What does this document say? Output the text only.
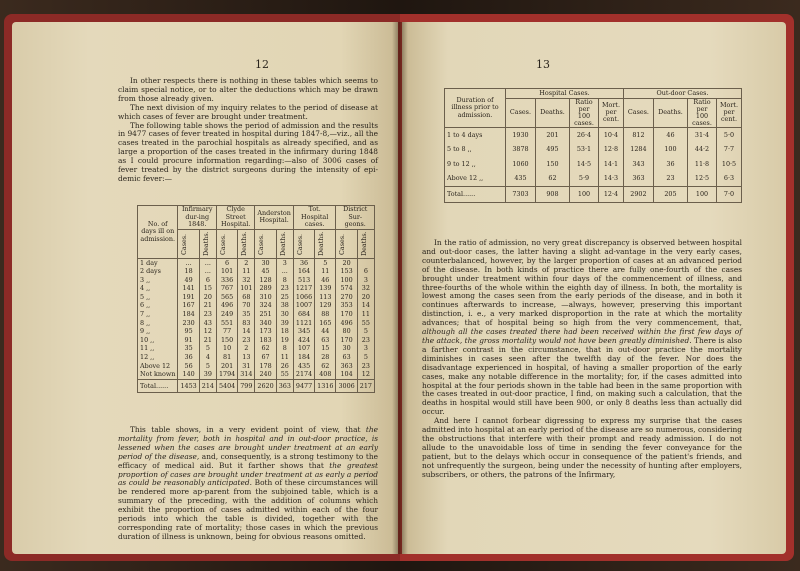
12

In other respects there is nothing in these tables which seems to claim special notice, or to alter the deductions which may be drawn from those already given.
The next division of my inquiry relates to the period of disease at which cases of fever are brought under treatment.
The following table shows the period of admission and the results in 9477 cases of fever treated in hospital during 1847-8,—viz., all the cases treated in the parochial hospitals as already specified, and as large a proportion of the cases treated in the infirmary during 1848 as I could procure information regarding:—also of 3006 cases of fever treated by the district surgeons during the intensity of epi-demic fever:—

No. of days ill on admission.	Infirmary dur-ing 1848.		Clyde Street Hospital.		Anderston Hospital.		Tot. Hospital cases.		District Sur-geons.	

	Cases.	Deaths.	Cases.	Deaths.	Cases.	Deaths.	Cases.	Deaths.	Cases.	Deaths.

1 day	...	...	6	2	30	3	36	5	20	
2 days	18	...	101	11	45	...	164	11	153	6
3 ,,	49	6	336	32	128	8	513	46	100	3
4 ,,	141	15	767	101	289	23	1217	139	574	32
5 ,,	191	20	565	68	310	25	1066	113	270	20
6 ,,	167	21	496	70	324	38	1007	129	353	14
7 ,,	184	23	249	35	251	30	684	88	170	11
8 ,,	230	43	551	83	340	39	1121	165	496	55
9 ,,	95	12	77	14	173	18	345	44	80	5
10 ,,	91	21	150	23	183	19	424	63	170	23
11 ,,	35	5	10	2	62	8	107	15	30	3
12 ,,	36	4	81	13	67	11	184	28	63	5
Above 12	56	5	201	31	178	26	435	62	363	23
Not known	140	39	1794	314	240	55	2174	408	104	12
Total......	1453	214	5404	799	2620	363	9477	1316	3006	217

This table shows, in a very evident point of view, that the mortality from fever, both in hospital and in out-door practice, is lessened when the cases are brought under treatment at an early period of the disease, and, consequently, is a strong testimony to the efficacy of medical aid. But it farther shows that the greatest proportion of cases are brought under treatment at as early a period as could be reasonably anticipated. Both of these circumstances will be rendered more ap-parent from the subjoined table, which is a summary of the preceding, with the addition of columns which exhibit the proportion of cases admitted within each of the four periods into which the table is divided, together with the corresponding rate of mortality; those cases in which the previous duration of illness is unknown, being for obvious reasons omitted.

13
Duration of illness prior to admission.	Hospital Cases.				Out-door Cases.			
	Cases.	Deaths.	Ratio per 100 cases.	Mort. per cent.	Cases.	Deaths.	Ratio per 100 cases.	Mort. per cent.
1 to 4 days	1930	201	26·4	10·4	812	46	31·4	5·0
5 to 8 ,,	3878	495	53·1	12·8	1284	100	44·2	7·7
9 to 12 ,,	1060	150	14·5	14·1	343	36	11·8	10·5
Above 12 ,,	435	62	5·9	14·3	363	23	12·5	6·3
Total......	7303	908	100	12·4	2902	205	100	7·0

In the ratio of admission, no very great discrepancy is observed between hospital and out-door cases, the latter having a slight ad-vantage in the very early cases, counterbalanced, however, by the larger proportion of cases at an advanced period of the disease. In both kinds of practice there are fully one-fourth of the cases brought under treatment within four days of the commencement of illness, and three-fourths of the whole within the eighth day of illness. In both, the mortality is lowest among the cases seen from the early periods of the disease, and in both it continues afterwards to increase, —always, however, preserving this important distinction, i. e., a very marked disproportion in the rate at which the mortality advances; that of hospital being so high from the very commencement, that, although all the cases treated there had been received within the first few days of the attack, the gross mortality would not have been greatly diminished. There is also a farther contrast in the circumstance, that in out-door practice the mortality diminishes in cases seen after the twelfth day of the fever. Nor does the disadvantage experienced in hospital, of having a smaller proportion of the early cases, make any notable difference in the mortality; for, if the cases admitted into hospital at the four periods shown in the table had been in the same proportion with the cases treated in out-door practice, I find, on making such a calculation, that the deaths in hospital would still have been 900, or only 8 deaths less than actually did occur.
And here I cannot forbear digressing to express my surprise that the cases admitted into hospital at an early period of the disease are so numerous, considering the obstructions that interfere with their prompt and ready admission. I do not allude to the unavoidable loss of time in sending the fever conveyance for the patient, but to the delays which occur in consequence of the patient's friends, and not unfrequently the surgeon, being under the necessity of hunting after employers, subscribers, or others, the patrons of the Infirmary,
